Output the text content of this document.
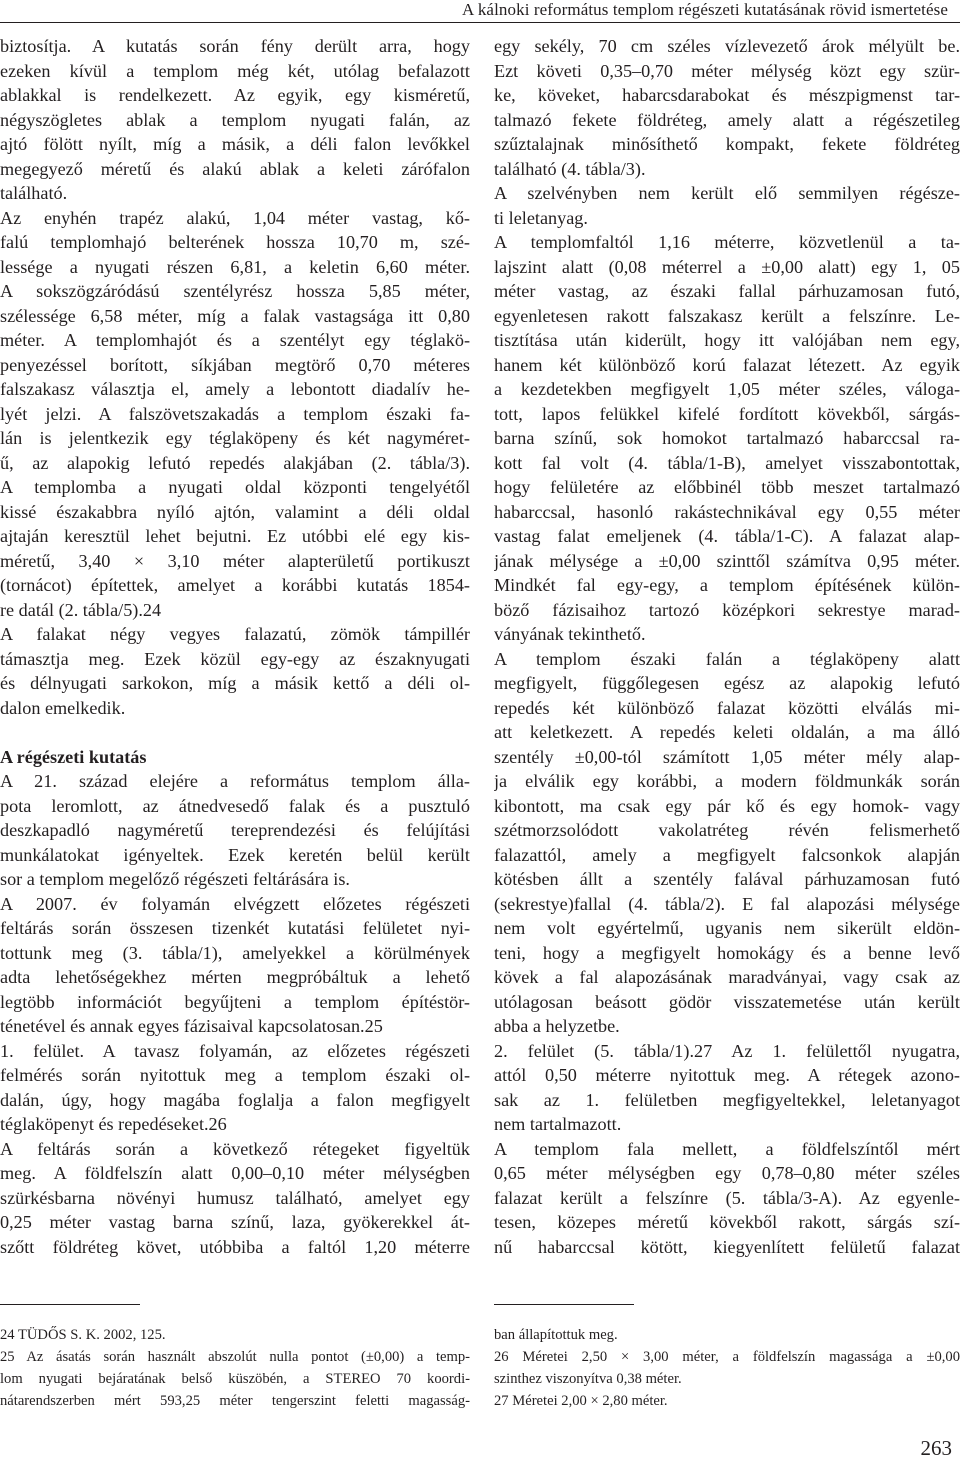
A kálnoki református templom régészeti kutatásának rövid ismertetése
biztosítja. A kutatás során fény derült arra, hogy
ezeken kívül a templom még két, utólag befalazott
ablakkal is rendelkezett. Az egyik, egy kisméretű,
négyszögletes ablak a templom nyugati falán, az
ajtó fölött nyílt, míg a másik, a déli falon levőkkel
megegyező méretű és alakú ablak a keleti zárófalon
található.
Az enyhén trapéz alakú, 1,04 méter vastag, kő-
falú templomhajó belterének hossza 10,70 m, szé-
lessége a nyugati részen 6,81, a keletin 6,60 méter.
A sokszögzáródású szentélyrész hossza 5,85 méter,
szélessége 6,58 méter, míg a falak vastagsága itt 0,80
méter. A templomhajót és a szentélyt egy téglakö-
penyezéssel borított, síkjában megtörő 0,70 méteres
falszakasz választja el, amely a lebontott diadalív he-
lyét jelzi. A falszövetszakadás a templom északi fa-
lán is jelentkezik egy téglaköpeny és két nagyméret-
ű, az alapokig lefutó repedés alakjában (2. tábla/3).
A templomba a nyugati oldal központi tengelyétől
kissé északabbra nyíló ajtón, valamint a déli oldal
ajtaján keresztül lehet bejutni. Ez utóbbi elé egy kis-
méretű, 3,40 × 3,10 méter alapterületű portikuszt
(tornácot) építettek, amelyet a korábbi kutatás 1854-
re datál (2. tábla/5).24
A falakat négy vegyes falazatú, zömök támpillér
támasztja meg. Ezek közül egy-egy az északnyugati
és délnyugati sarkokon, míg a másik kettő a déli ol-
dalon emelkedik.
A régészeti kutatás
A 21. század elejére a református templom álla-
pota leromlott, az átnedvesedő falak és a pusztuló
deszkapadló nagyméretű tereprendezési és felújítási
munkálatokat igényeltek. Ezek keretén belül került
sor a templom megelőző régészeti feltárására is.
A 2007. év folyamán elvégzett előzetes régészeti
feltárás során összesen tizenkét kutatási felületet nyi-
tottunk meg (3. tábla/1), amelyekkel a körülmények
adta lehetőségekhez mérten megpróbáltuk a lehető
legtöbb információt begyűjteni a templom építéstör-
ténetével és annak egyes fázisaival kapcsolatosan.25
1. felület. A tavasz folyamán, az előzetes régészeti
felmérés során nyitottuk meg a templom északi ol-
dalán, úgy, hogy magába foglalja a falon megfigyelt
téglaköpenyt és repedéseket.26
A feltárás során a következő rétegeket figyeltük
meg. A földfelszín alatt 0,00–0,10 méter mélységben
szürkésbarna növényi humusz található, amelyet egy
0,25 méter vastag barna színű, laza, gyökerekkel át-
szőtt földréteg követ, utóbbiba a faltól 1,20 méterre
egy sekély, 70 cm széles vízlevezető árok mélyült be.
Ezt követi 0,35–0,70 méter mélység közt egy szür-
ke, köveket, habarcsdarabokat és mészpigmenst tar-
talmazó fekete földréteg, amely alatt a régészetileg
szűztalajnak minősíthető kompakt, fekete földréteg
található (4. tábla/3).
A szelvényben nem került elő semmilyen régésze-
ti leletanyag.
A templomfaltól 1,16 méterre, közvetlenül a ta-
lajszint alatt (0,08 méterrel a ±0,00 alatt) egy 1, 05
méter vastag, az északi fallal párhuzamosan futó,
egyenletesen rakott falszakasz került a felszínre. Le-
tisztítása után kiderült, hogy itt valójában nem egy,
hanem két különböző korú falazat létezett. Az egyik
a kezdetekben megfigyelt 1,05 méter széles, váloga-
tott, lapos felükkel kifelé fordított kövekből, sárgás-
barna színű, sok homokot tartalmazó habarccsal ra-
kott fal volt (4. tábla/1-B), amelyet visszabontottak,
hogy felületére az előbbinél több meszet tartalmazó
habarccsal, hasonló rakástechnikával egy 0,55 méter
vastag falat emeljenek (4. tábla/1-C). A falazat alap-
jának mélysége a ±0,00 szinttől számítva 0,95 méter.
Mindkét fal egy-egy, a templom építésének külön-
böző fázisaihoz tartozó középkori sekrestye marad-
ványának tekinthető.
A templom északi falán a téglaköpeny alatt
megfigyelt, függőlegesen egész az alapokig lefutó
repedés két különböző falazat közötti elválás mi-
att keletkezett. A repedés keleti oldalán, a ma álló
szentély ±0,00-tól számított 1,05 méter mély alap-
ja elválik egy korábbi, a modern földmunkák során
kibontott, ma csak egy pár kő és egy homok- vagy
szétmorzsolódott vakolatréteg révén felismerhető
falazattól, amely a megfigyelt falcsonkok alapján
kötésben állt a szentély falával párhuzamosan futó
(sekrestye)fallal (4. tábla/2). E fal alapozási mélysége
nem volt egyértelmű, ugyanis nem sikerült eldön-
teni, hogy a megfigyelt homokágy és a benne levő
kövek a fal alapozásának maradványai, vagy csak az
utólagosan beásott gödör visszatemetése után került
abba a helyzetbe.
2. felület (5. tábla/1).27 Az 1. felülettől nyugatra,
attól 0,50 méterre nyitottuk meg. A rétegek azono-
sak az 1. felületben megfigyeltekkel, leletanyagot
nem tartalmazott.
A templom fala mellett, a földfelszíntől mért
0,65 méter mélységben egy 0,78–0,80 méter széles
falazat került a felszínre (5. tábla/3-A). Az egyenle-
tesen, közepes méretű kövekből rakott, sárgás szí-
nű habarccsal kötött, kiegyenlített felületű falazat
24 TÜDŐS S. K. 2002, 125.
25 Az ásatás során használt abszolút nulla pontot (±0,00) a temp-
lom nyugati bejáratának belső küszöbén, a STEREO 70 koordi-
nátarendszerben mért 593,25 méter tengerszint feletti magasság-
ban állapítottuk meg.
26 Méretei 2,50 × 3,00 méter, a földfelszín magassága a ±0,00
szinthez viszonyítva 0,38 méter.
27 Méretei 2,00 × 2,80 méter.
263
